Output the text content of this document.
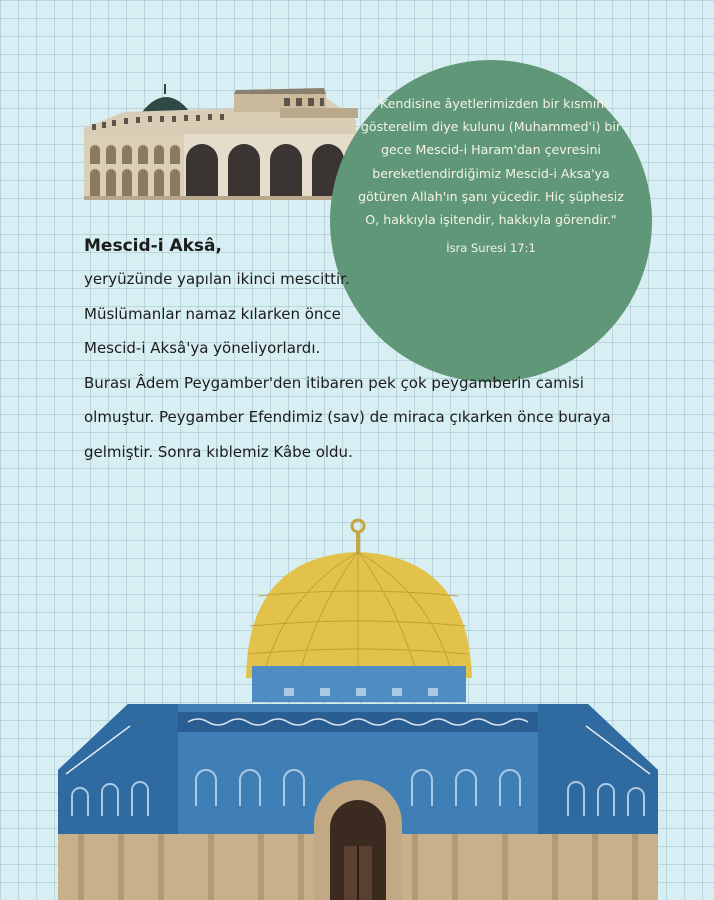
"Kendisine âyetlerimizden bir kısmını gösterelim diye kulunu (Muhammed'i) bir gece Mescid-i Haram'dan çevresini bereketlendirdiğimiz Mescid-i Aksa'ya götüren Allah'ın şanı yücedir. Hiç şüphesiz O, hakkıyla işitendir, hakkıyla görendir."

İsra Suresi 17:1

Mescid-i Aksâ,

yeryüzünde yapılan ikinci mescittir. Müslümanlar namaz kılarken önce Mescid-i Aksâ'ya yöneliyorlardı.

Burası Âdem Peygamber'den itibaren pek çok peygamberin camisi olmuştur. Peygamber Efendimiz (sav) de miraca çıkarken önce buraya gelmiştir. Sonra kıblemiz Kâbe oldu.
